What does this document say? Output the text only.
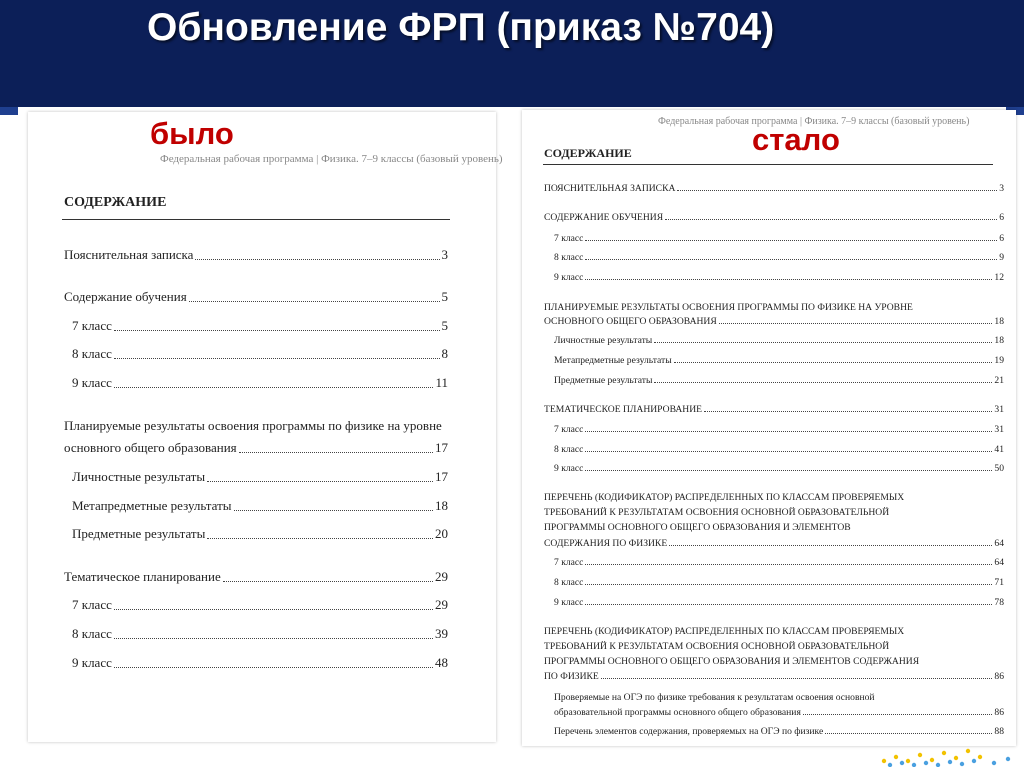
Обновление ФРП (приказ №704)
Федеральная рабочая программа | Физика. 7–9 классы (базовый уровень)
СОДЕРЖАНИЕ
Пояснительная записка	3
Содержание обучения	5
7 класс	5
8 класс	8
9 класс	11
Планируемые результаты освоения программы по физике на уровне
основного общего образования	17
Личностные результаты	17
Метапредметные результаты	18
Предметные результаты	20
Тематическое планирование	29
7 класс	29
8 класс	39
9 класс	48
было	Федеральная рабочая программа | Физика. 7–9 классы (базовый уровень)
СОДЕРЖАНИЕ
ПОЯСНИТЕЛЬНАЯ ЗАПИСКА	3
СОДЕРЖАНИЕ ОБУЧЕНИЯ	6
7 класс	6
8 класс	9
9 класс	12
ПЛАНИРУЕМЫЕ РЕЗУЛЬТАТЫ ОСВОЕНИЯ ПРОГРАММЫ ПО ФИЗИКЕ НА УРОВНЕ
ОСНОВНОГО ОБЩЕГО ОБРАЗОВАНИЯ	18
Личностные результаты	18
Метапредметные результаты	19
Предметные результаты	21
ТЕМАТИЧЕСКОЕ ПЛАНИРОВАНИЕ	31
7 класс	31
8 класс	41
9 класс	50
ПЕРЕЧЕНЬ (КОДИФИКАТОР) РАСПРЕДЕЛЕННЫХ ПО КЛАССАМ ПРОВЕРЯЕМЫХ
ТРЕБОВАНИЙ К РЕЗУЛЬТАТАМ ОСВОЕНИЯ ОСНОВНОЙ ОБРАЗОВАТЕЛЬНОЙ
ПРОГРАММЫ ОСНОВНОГО ОБЩЕГО ОБРАЗОВАНИЯ И ЭЛЕМЕНТОВ
СОДЕРЖАНИЯ ПО ФИЗИКЕ	64
7 класс	64
8 класс	71
9 класс	78
ПЕРЕЧЕНЬ (КОДИФИКАТОР) РАСПРЕДЕЛЕННЫХ ПО КЛАССАМ ПРОВЕРЯЕМЫХ
ТРЕБОВАНИЙ К РЕЗУЛЬТАТАМ ОСВОЕНИЯ ОСНОВНОЙ ОБРАЗОВАТЕЛЬНОЙ
ПРОГРАММЫ ОСНОВНОГО ОБЩЕГО ОБРАЗОВАНИЯ И ЭЛЕМЕНТОВ СОДЕРЖАНИЯ
ПО ФИЗИКЕ	86
Проверяемые на ОГЭ по физике требования к результатам освоения основной
образовательной программы основного общего образования	86
Перечень элементов содержания, проверяемых на ОГЭ по физике	88
стало
